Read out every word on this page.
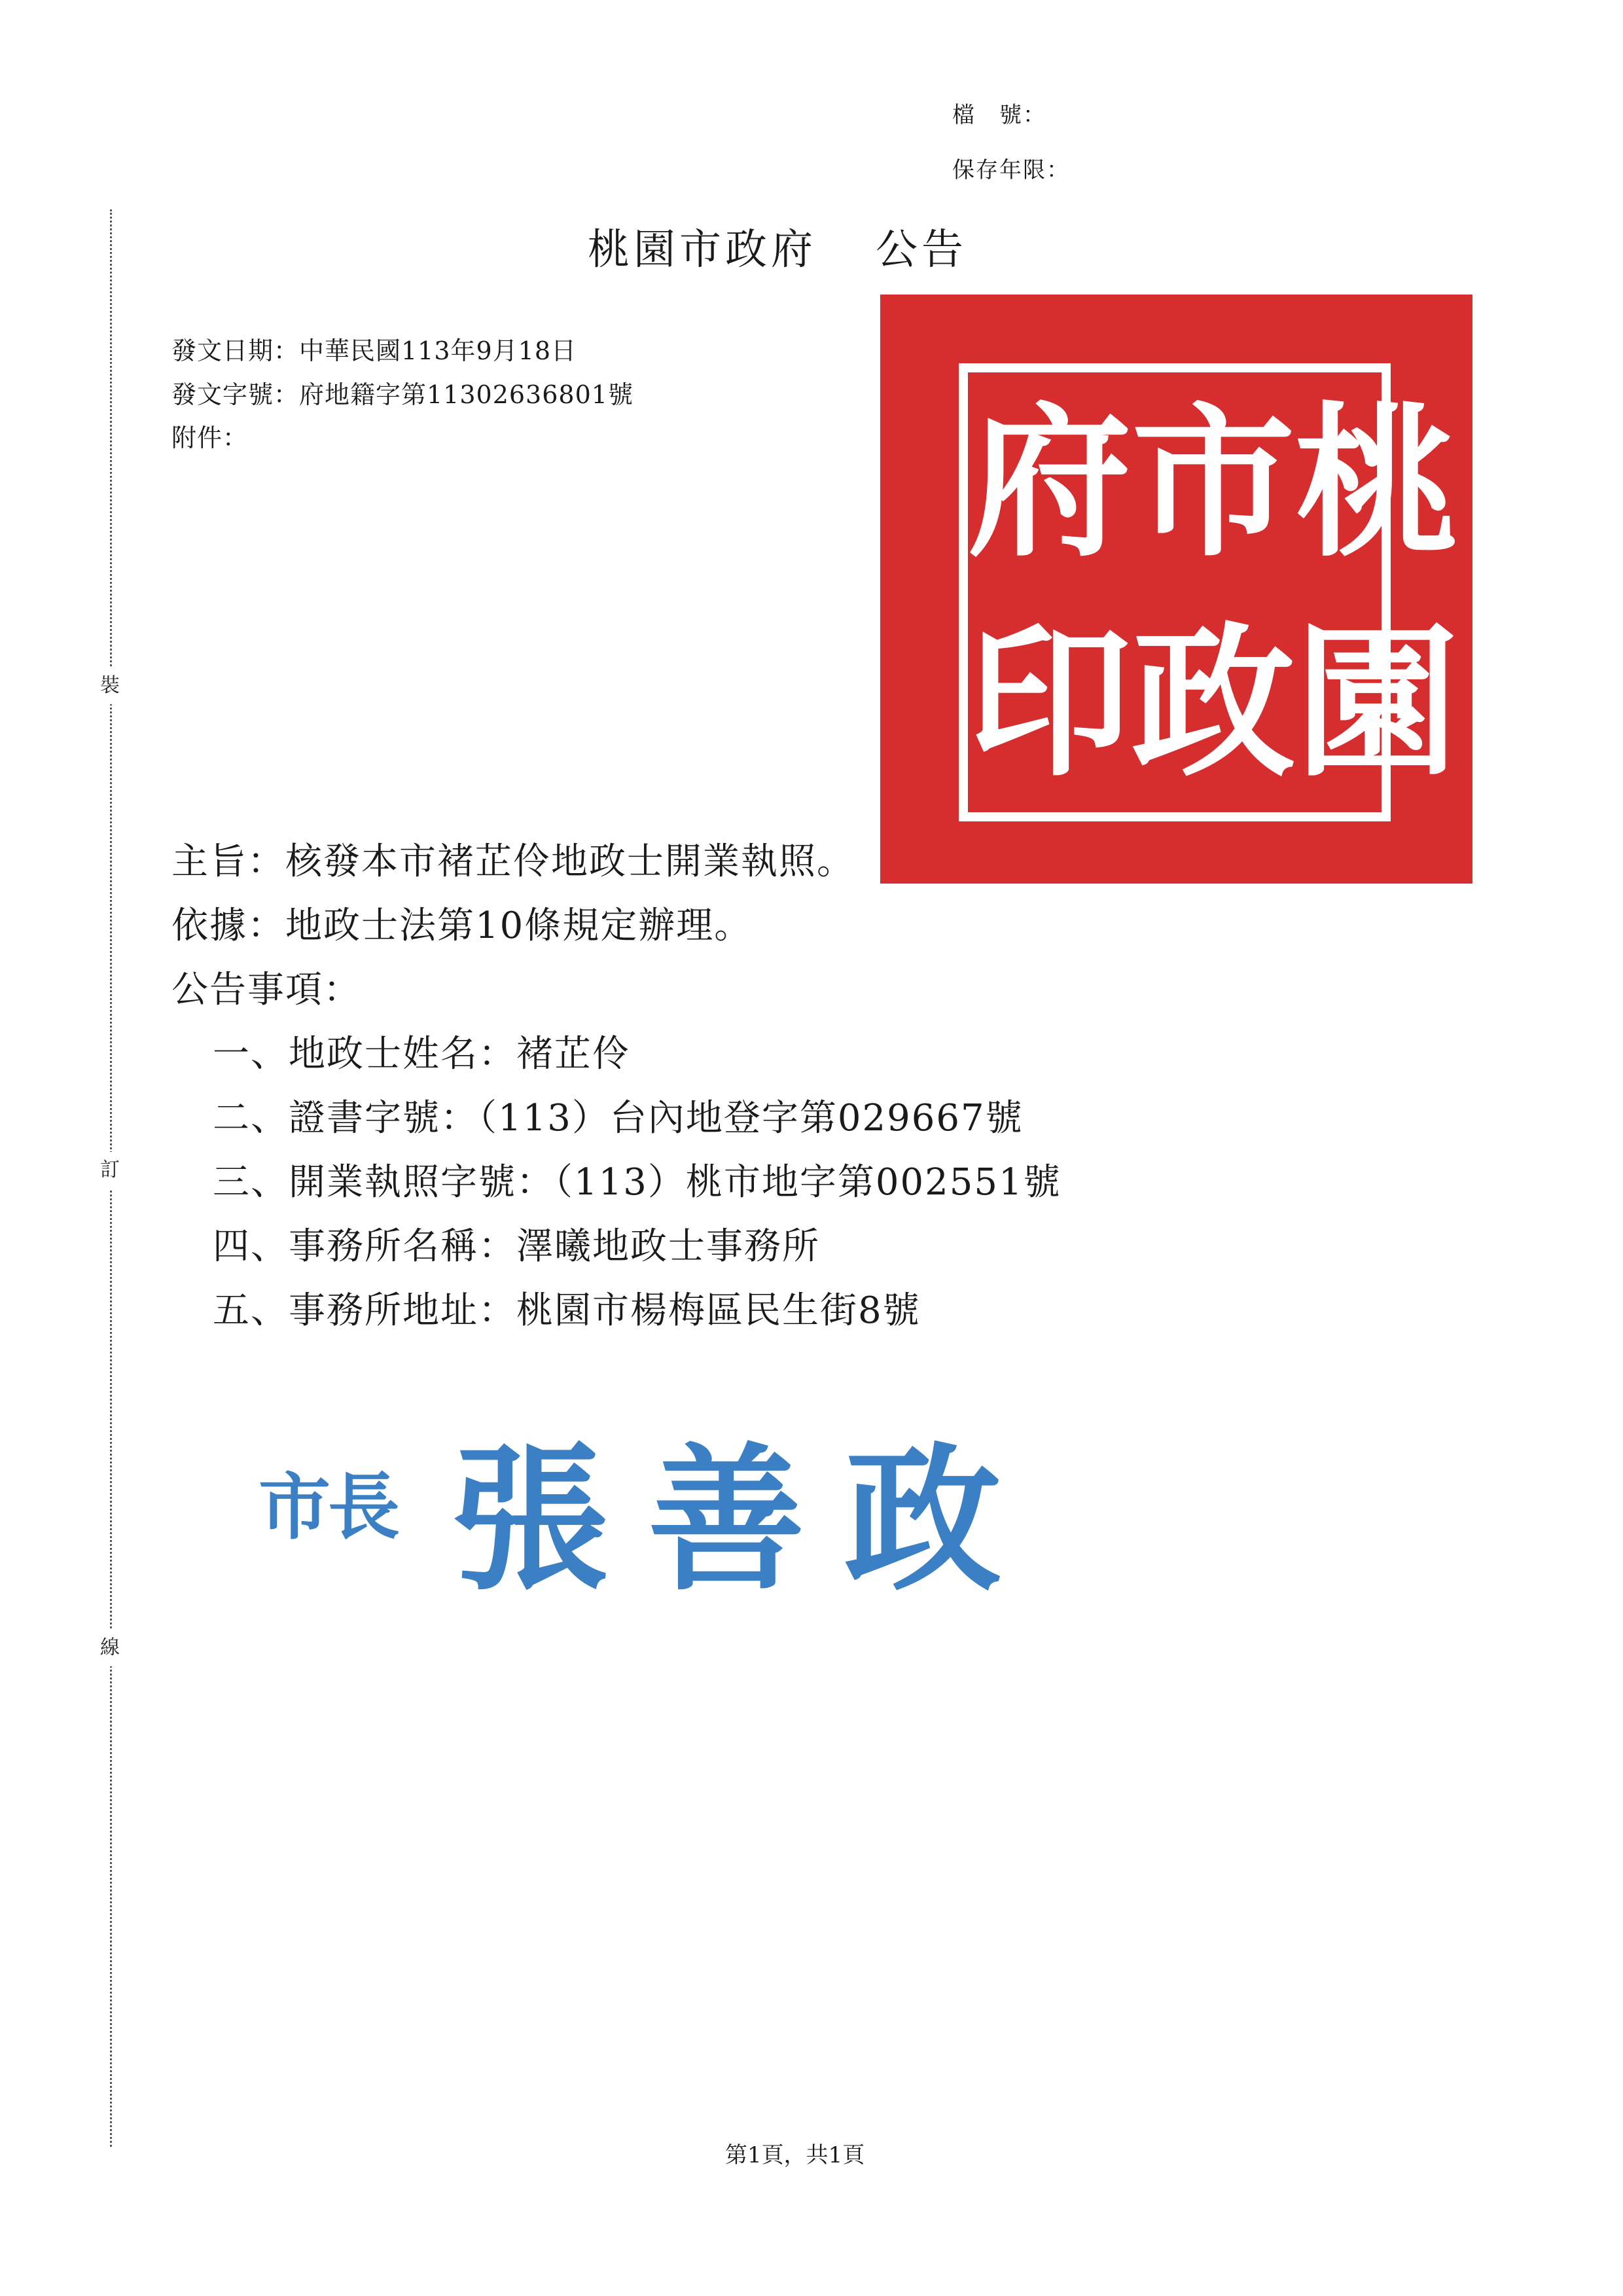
檔　號：
保存年限：
裝
訂
線
桃園市政府 公告
發文日期：中華民國113年9月18日
發文字號：府地籍字第11302636801號
附件：	府 市 桃
印 政 園
主旨：核發本市褚芷伶地政士開業執照。
依據：地政士法第10條規定辦理。
公告事項：
一、地政士姓名：褚芷伶
二、證書字號：（113）台內地登字第029667號
三、開業執照字號：（113）桃市地字第002551號
四、事務所名稱：澤曦地政士事務所
五、事務所地址：桃園市楊梅區民生街8號
市長 張善政
第1頁，共1頁
